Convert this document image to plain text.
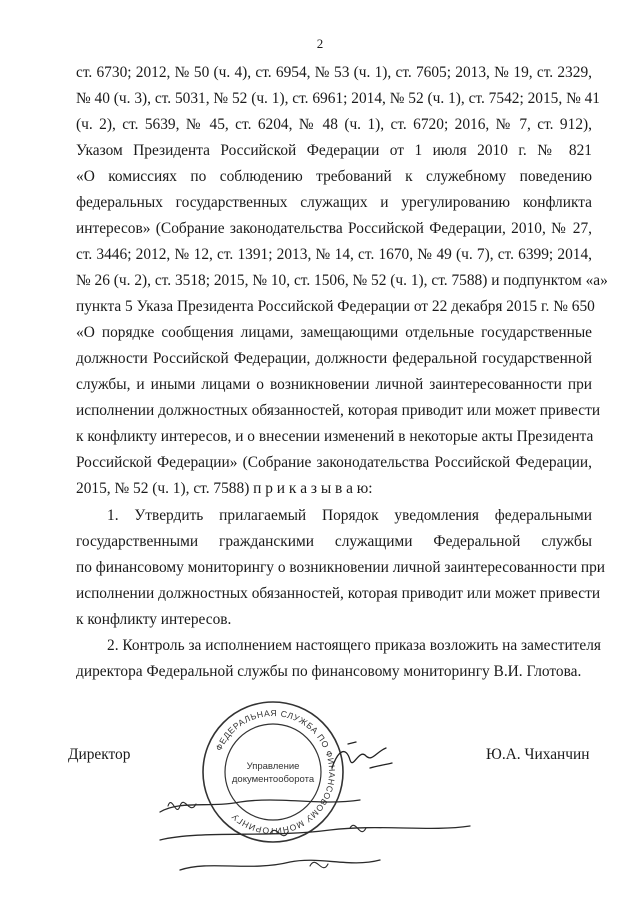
2
ст. 6730; 2012, № 50 (ч. 4), ст. 6954, № 53 (ч. 1), ст. 7605; 2013, № 19, ст. 2329,
№ 40 (ч. 3), ст. 5031, № 52 (ч. 1), ст. 6961; 2014, № 52 (ч. 1), ст. 7542; 2015, № 41
(ч. 2), ст. 5639, № 45, ст. 6204, № 48 (ч. 1), ст. 6720; 2016, № 7, ст. 912),
Указом Президента Российской Федерации от 1 июля 2010 г. № 821
«О комиссиях по соблюдению требований к служебному поведению
федеральных государственных служащих и урегулированию конфликта
интересов» (Собрание законодательства Российской Федерации, 2010, № 27,
ст. 3446; 2012, № 12, ст. 1391; 2013, № 14, ст. 1670, № 49 (ч. 7), ст. 6399; 2014,
№ 26 (ч. 2), ст. 3518; 2015, № 10, ст. 1506, № 52 (ч. 1), ст. 7588) и подпунктом «а»
пункта 5 Указа Президента Российской Федерации от 22 декабря 2015 г. № 650
«О порядке сообщения лицами, замещающими отдельные государственные
должности Российской Федерации, должности федеральной государственной
службы, и иными лицами о возникновении личной заинтересованности при
исполнении должностных обязанностей, которая приводит или может привести
к конфликту интересов, и о внесении изменений в некоторые акты Президента
Российской Федерации» (Собрание законодательства Российской Федерации,
2015, № 52 (ч. 1), ст. 7588) п р и к а з ы в а ю:
1. Утвердить прилагаемый Порядок уведомления федеральными
государственными гражданскими служащими Федеральной службы
по финансовому мониторингу о возникновении личной заинтересованности при
исполнении должностных обязанностей, которая приводит или может привести
к конфликту интересов.
2. Контроль за исполнением настоящего приказа возложить на заместителя
директора Федеральной службы по финансовому мониторингу В.И. Глотова.
Директор	Ю.А. Чиханчин
ФЕДЕРАЛЬНАЯ СЛУЖБА ПО ФИНАНСОВОМУ МОНИТОРИНГУ
Управление
документооборота
Верно. Начальник отдела делопроизводства Кедров
